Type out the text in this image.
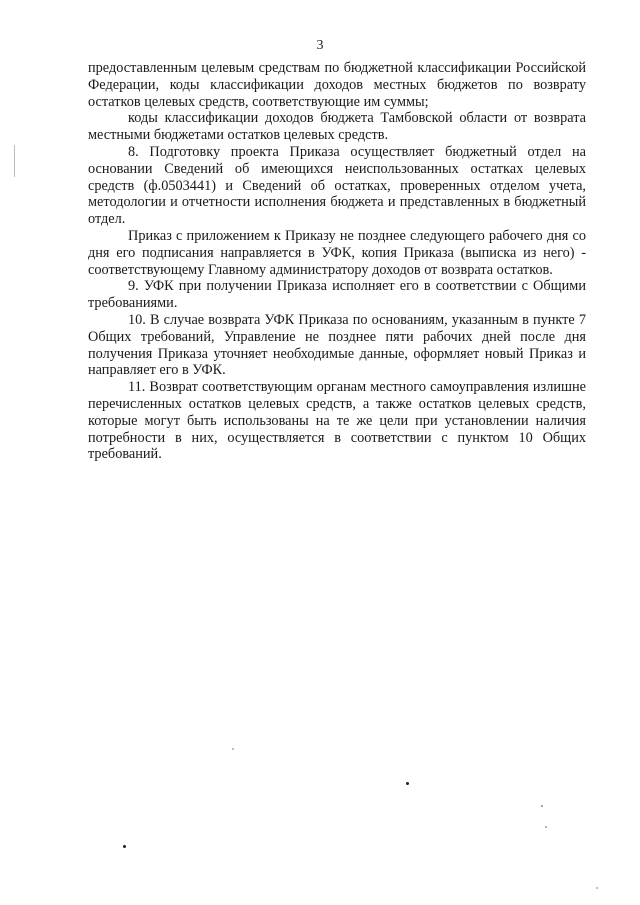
3

предоставленным целевым средствам по бюджетной классификации Российской Федерации, коды классификации доходов местных бюджетов по возврату остатков целевых средств, соответствующие им суммы;

коды классификации доходов бюджета Тамбовской области от возврата местными бюджетами остатков целевых средств.

8. Подготовку проекта Приказа осуществляет бюджетный отдел на основании Сведений об имеющихся неиспользованных остатках целевых средств (ф.0503441) и Сведений об остатках, проверенных отделом учета, методологии и отчетности исполнения бюджета и представленных в бюджетный отдел.

Приказ с приложением к Приказу не позднее следующего рабочего дня со дня его подписания направляется в УФК, копия Приказа (выписка из него) - соответствующему Главному администратору доходов от возврата остатков.

9. УФК при получении Приказа исполняет его в соответствии с Общими требованиями.

10. В случае возврата УФК Приказа по основаниям, указанным в пункте 7 Общих требований, Управление не позднее пяти рабочих дней после дня получения Приказа уточняет необходимые данные, оформляет новый Приказ и направляет его в УФК.

11. Возврат соответствующим органам местного самоуправления излишне перечисленных остатков целевых средств, а также остатков целевых средств, которые могут быть использованы на те же цели при установлении наличия потребности в них, осуществляется в соответствии с пунктом 10 Общих требований.
